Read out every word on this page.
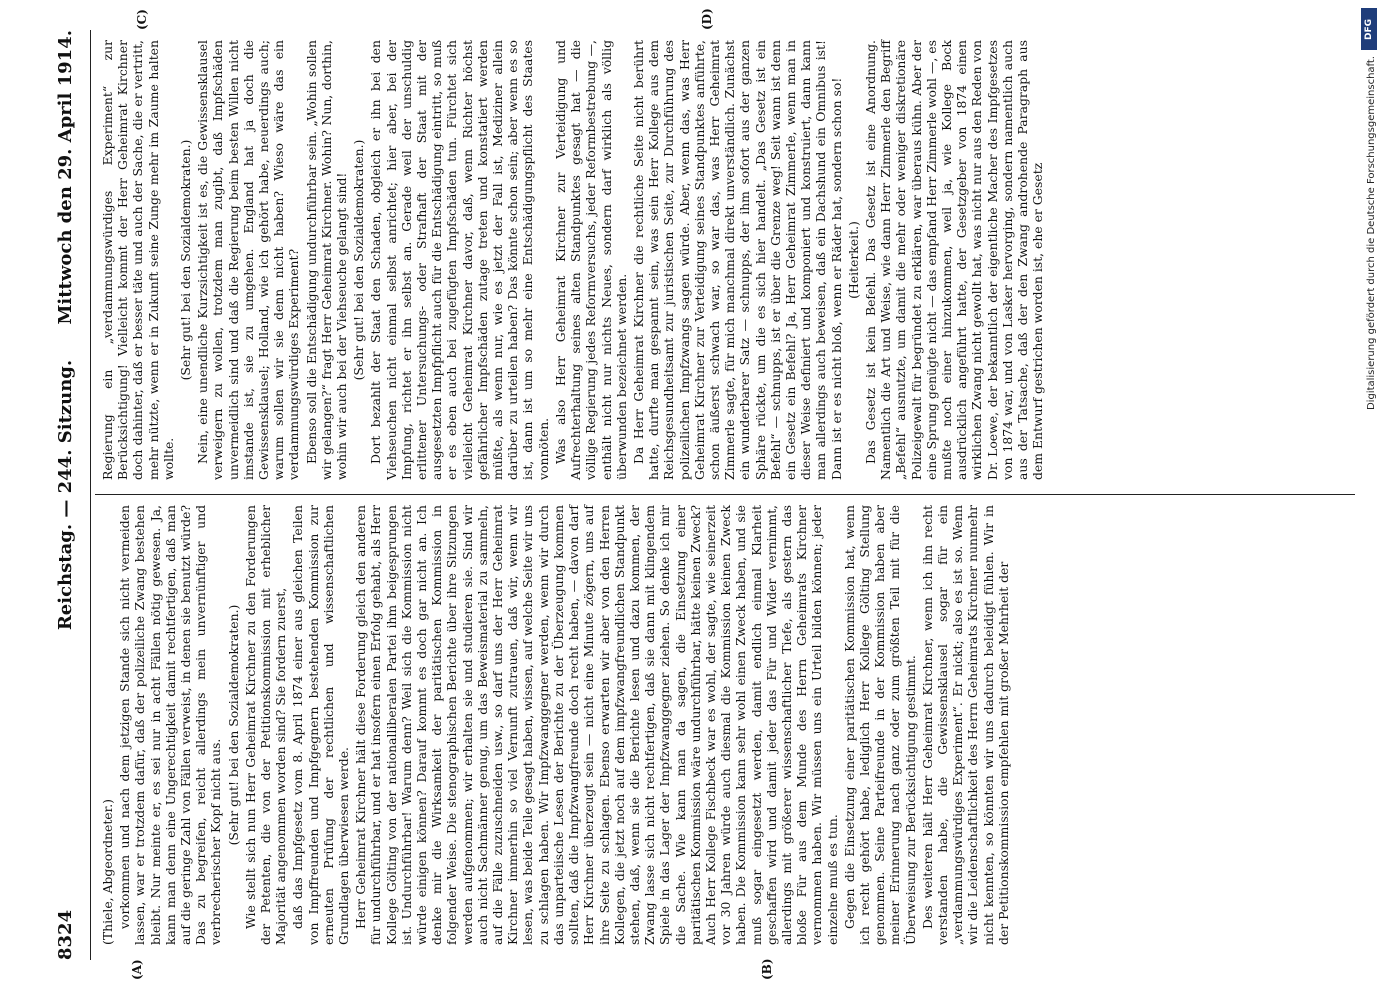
8324
Reichstag. — 244. Sitzung.
Mittwoch den 29. April 1914.
(A)	(B)
(C)	(D)

(Thiele, Abgeordneter.) vorkommen und nach dem jetzigen Stande sich nicht vermeiden lassen, war er trotzdem dafür, daß der polizeiliche Zwang bestehen bleibt. Nur meinte er, es sei nur in acht Fällen nötig gewesen. Ja, kann man denn eine Ungerechtigkeit damit rechtfertigen, daß man auf die geringe Zahl von Fällen verweist, in denen sie benutzt würde? Das zu begreifen, reicht allerdings mein unvernünftiger und verbrecherischer Kopf nicht aus. (Sehr gut! bei den Sozialdemokraten.) Wie stellt sich nun Herr Geheimrat Kirchner zu den Forderungen der Petenten, die von der Petitionskommission mit erheblicher Majorität angenommen worden sind? Sie fordern zuerst, daß das Impfgesetz vom 8. April 1874 einer aus gleichen Teilen von Impffreunden und Impfgegnern bestehenden Kommission zur erneuten Prüfung der rechtlichen und wissenschaftlichen Grundlagen überwiesen werde. Herr Geheimrat Kirchner hält diese Forderung gleich den anderen für undurchführbar, und er hat insofern einen Erfolg gehabt, als Herr Kollege Gölting von der nationalliberalen Partei ihm beigesprungen ist. Undurchführbar! Warum denn? Weil sich die Kommission nicht würde einigen können? Darauf kommt es doch gar nicht an. Ich denke mir die Wirksamkeit der paritätischen Kommission in folgender Weise. Die stenographischen Berichte über ihre Sitzungen werden aufgenommen; wir erhalten sie und studieren sie. Sind wir auch nicht Sachmänner genug, um das Beweismaterial zu sammeln, auf die Fälle zuzuschneiden usw., so darf uns der Herr Geheimrat Kirchner immerhin so viel Vernunft zutrauen, daß wir, wenn wir lesen, was beide Teile gesagt haben, wissen, auf welche Seite wir uns zu schlagen haben. Wir Impfzwanggegner werden, wenn wir durch das unparteiische Lesen der Berichte zu der Überzeugung kommen sollten, daß die Impfzwangfreunde doch recht haben, — davon darf Herr Kirchner überzeugt sein — nicht eine Minute zögern, uns auf ihre Seite zu schlagen. Ebenso erwarten wir aber von den Herren Kollegen, die jetzt noch auf dem impfzwangfreundlichen Standpunkt stehen, daß, wenn sie die Berichte lesen und dazu kommen, der Zwang lasse sich nicht rechtfertigen, daß sie dann mit klingendem Spiele in das Lager der Impfzwanggegner ziehen. So denke ich mir die Sache. Wie kann man da sagen, die Einsetzung einer paritätischen Kommission wäre undurchführbar, hätte keinen Zweck? Auch Herr Kollege Fischbeck war es wohl, der sagte, wie seinerzeit vor 30 Jahren würde auch diesmal die Kommission keinen Zweck haben. Die Kommission kann sehr wohl einen Zweck haben, und sie muß sogar eingesetzt werden, damit endlich einmal Klarheit geschaffen wird und damit jeder das Für und Wider vernimmt, allerdings mit größerer wissenschaftlicher Tiefe, als gestern das bloße Für aus dem Munde des Herrn Geheimrats Kirchner vernommen haben. Wir müssen uns ein Urteil bilden können; jeder einzelne muß es tun. Gegen die Einsetzung einer paritätischen Kommission hat, wenn ich recht gehört habe, lediglich Herr Kollege Gölting Stellung genommen. Seine Parteifreunde in der Kommission haben aber meiner Erinnerung nach ganz oder zum größten Teil mit für die Überweisung zur Berücksichtigung gestimmt. Des weiteren hält Herr Geheimrat Kirchner, wenn ich ihn recht verstanden habe, die Gewissensklausel sogar für ein „verdammungswürdiges Experiment“. Er nickt; also es ist so. Wenn wir die Leidenschaftlichkeit des Herrn Geheimrats Kirchner nunmehr nicht kennten, so könnten wir uns dadurch beleidigt fühlen. Wir in der Petitionskommission empfehlen mit großer Mehrheit der

Regierung ein „verdammungswürdiges Experiment“ zur Berücksichtigung! Vielleicht kommt der Herr Geheimrat Kirchner doch dahinter, daß er besser täte und auch der Sache, die er vertritt, mehr nützte, wenn er in Zukunft seine Zunge mehr im Zaume halten wollte.

(Sehr gut! bei den Sozialdemokraten.) Nein, eine unendliche Kurzsichtigkeit ist es, die Gewissensklausel verweigern zu wollen, trotzdem man zugibt, daß Impfschäden unvermeidlich sind und daß die Regierung beim besten Willen nicht imstande ist, sie zu umgehen. England hat ja doch die Gewissensklausel; Holland, wie ich gehört habe, neuerdings auch; warum sollen wir sie denn nicht haben? Wieso wäre das ein verdammungswürdiges Experiment? Ebenso soll die Entschädigung undurchführbar sein. „Wohin sollen wir gelangen?“ fragt Herr Geheimrat Kirchner. Wohin? Nun, dorthin, wohin wir auch bei der Viehseuche gelangt sind! (Sehr gut! bei den Sozialdemokraten.) Dort bezahlt der Staat den Schaden, obgleich er ihn bei den Viehseuchen nicht einmal selbst anrichtet; hier aber, bei der Impfung, richtet er ihn selbst an. Gerade weil der unschuldig erlittener Untersuchungs- oder Strafhaft der Staat mit der ausgesetzten Impfpflicht auch für die Entschädigung eintritt, so muß er es eben auch bei zugefügten Impfschäden tun. Fürchtet sich vielleicht Geheimrat Kirchner davor, daß, wenn Richter höchst gefährlicher Impfschäden zutage treten und konstatiert werden müßte, als wenn nur, wie es jetzt der Fall ist, Mediziner allein darüber zu urteilen haben? Das könnte schon sein; aber wenn es so ist, dann ist um so mehr eine Entschädigungspflicht des Staates vonnöten. Was also Herr Geheimrat Kirchner zur Verteidigung und Aufrechterhaltung seines alten Standpunktes gesagt hat — die völlige Regierung jedes Reformversuchs, jeder Reformbestrebung —, enthält nicht nur nichts Neues, sondern darf wirklich als völlig überwunden bezeichnet werden. Da Herr Geheimrat Kirchner die rechtliche Seite nicht berührt hatte, durfte man gespannt sein, was sein Herr Kollege aus dem Reichsgesundheitsamt zur juristischen Seite, zur Durchführung des polizeilichen Impfzwangs sagen würde. Aber, wenn das, was Herr Geheimrat Kirchner zur Verteidigung seines Standpunktes anführte, schon äußerst schwach war, so war das, was Herr Geheimrat Zimmerle sagte, für mich manchmal direkt unverständlich. Zunächst ein wunderbarer Satz — schnupps, der ihm sofort aus der ganzen Sphäre rückte, um die es sich hier handelt. „Das Gesetz ist ein Befehl“ — schnupps, ist er über die Grenze weg! Seit wann ist denn ein Gesetz ein Befehl? Ja, Herr Geheimrat Zimmerle, wenn man in dieser Weise definiert und komponiert und konstruiert, dann kann man allerdings auch beweisen, daß ein Dachshund ein Omnibus ist! Dann ist er es nicht bloß, wenn er Räder hat, sondern schon so! (Heiterkeit.) Das Gesetz ist kein Befehl. Das Gesetz ist eine Anordnung. Namentlich die Art und Weise, wie dann Herr Zimmerle den Begriff „Befehl“ ausnutzte, um damit die mehr oder weniger diskretionäre Polizeigewalt für begründet zu erklären, war überaus kühn. Aber der eine Sprung genügte nicht — das empfand Herr Zimmerle wohl —, es mußte noch einer hinzukommen, weil ja, wie Kollege Bock ausdrücklich angeführt hatte, der Gesetzgeber von 1874 einen wirklichen Zwang nicht gewollt hat, was nicht nur aus den Reden von Dr. Loewe, der bekanntlich der eigentliche Macher des Impfgesetzes von 1874 war, und von Lasker hervorging, sondern namentlich auch aus der Tatsache, daß der den Zwang androhende Paragraph aus dem Entwurf gestrichen worden ist, ehe er Gesetz

DFG
Digitalisierung gefördert durch die Deutsche Forschungsgemeinschaft.
